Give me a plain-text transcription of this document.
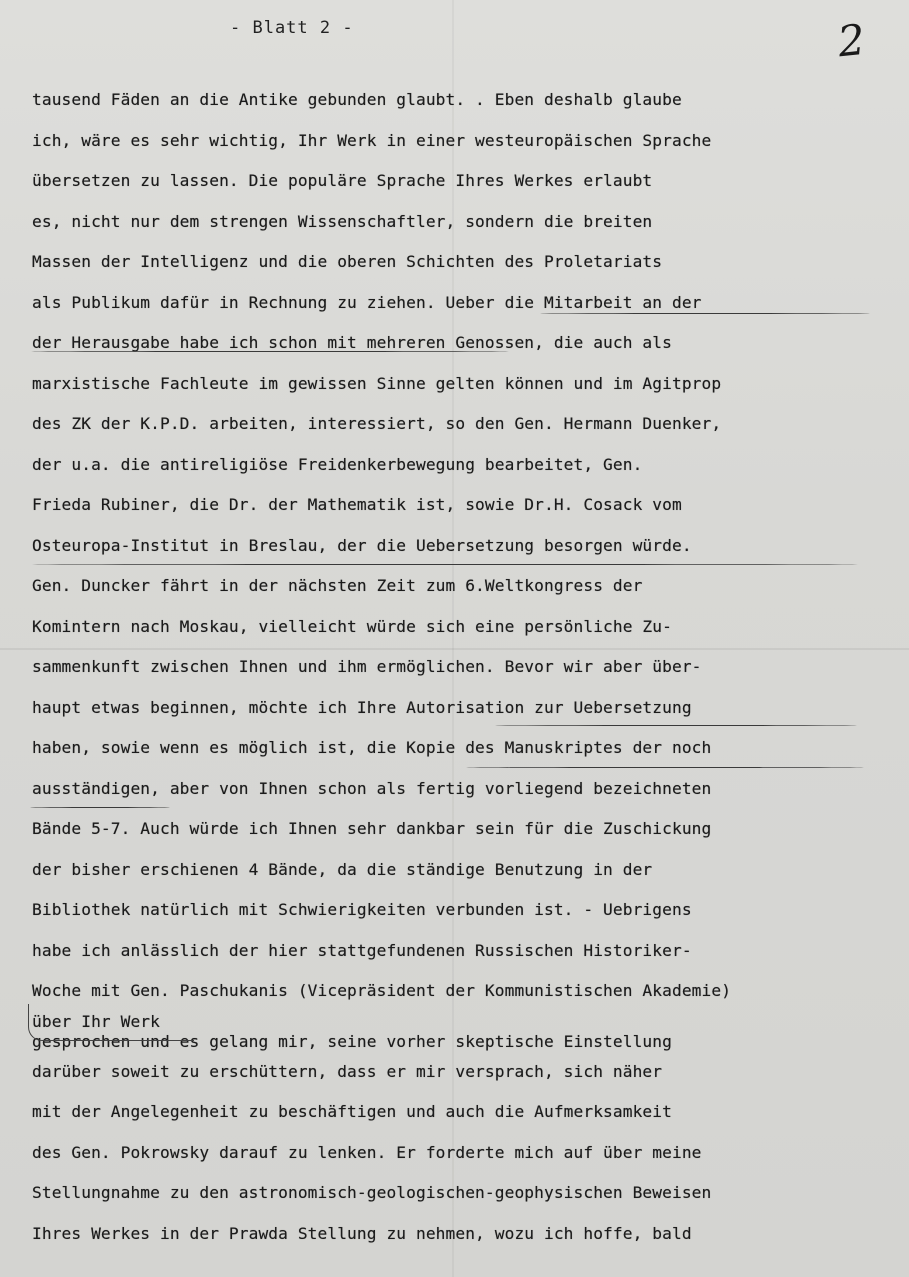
- Blatt 2 -	2
tausend Fäden an die Antike gebunden glaubt. . Eben deshalb glaube
ich, wäre es sehr wichtig, Ihr Werk in einer westeuropäischen Sprache
übersetzen zu lassen. Die populäre Sprache Ihres Werkes erlaubt
es, nicht nur dem strengen Wissenschaftler, sondern die breiten
Massen der Intelligenz und die oberen Schichten des Proletariats
als Publikum dafür in Rechnung zu ziehen. Ueber die Mitarbeit an der
der Herausgabe habe ich schon mit mehreren Genossen, die auch als
marxistische Fachleute im gewissen Sinne gelten können und im Agitprop
des ZK der K.P.D. arbeiten, interessiert, so den Gen. Hermann Duenker,
der u.a. die antireligiöse Freidenkerbewegung bearbeitet, Gen.
Frieda Rubiner, die Dr. der Mathematik ist, sowie Dr.H. Cosack vom
Osteuropa-Institut in Breslau, der die Uebersetzung besorgen würde.
Gen. Duncker fährt in der nächsten Zeit zum 6.Weltkongress der
Komintern nach Moskau, vielleicht würde sich eine persönliche Zu-
sammenkunft zwischen Ihnen und ihm ermöglichen. Bevor wir aber über-
haupt etwas beginnen, möchte ich Ihre Autorisation zur Uebersetzung
haben, sowie wenn es möglich ist, die Kopie des Manuskriptes der noch
ausständigen, aber von Ihnen schon als fertig vorliegend bezeichneten
Bände 5-7. Auch würde ich Ihnen sehr dankbar sein für die Zuschickung
der bisher erschienen 4 Bände, da die ständige Benutzung in der
Bibliothek natürlich mit Schwierigkeiten verbunden ist. - Uebrigens
habe ich anlässlich der hier stattgefundenen Russischen Historiker-
Woche mit Gen. Paschukanis (Vicepräsident der Kommunistischen Akademie)
über Ihr Werk
gesprochen und es gelang mir, seine vorher skeptische Einstellung
darüber soweit zu erschüttern, dass er mir versprach, sich näher
mit der Angelegenheit zu beschäftigen und auch die Aufmerksamkeit
des Gen. Pokrowsky darauf zu lenken. Er forderte mich auf über meine
Stellungnahme zu den astronomisch-geologischen-geophysischen Beweisen
Ihres Werkes in der Prawda Stellung zu nehmen, wozu ich hoffe, bald
